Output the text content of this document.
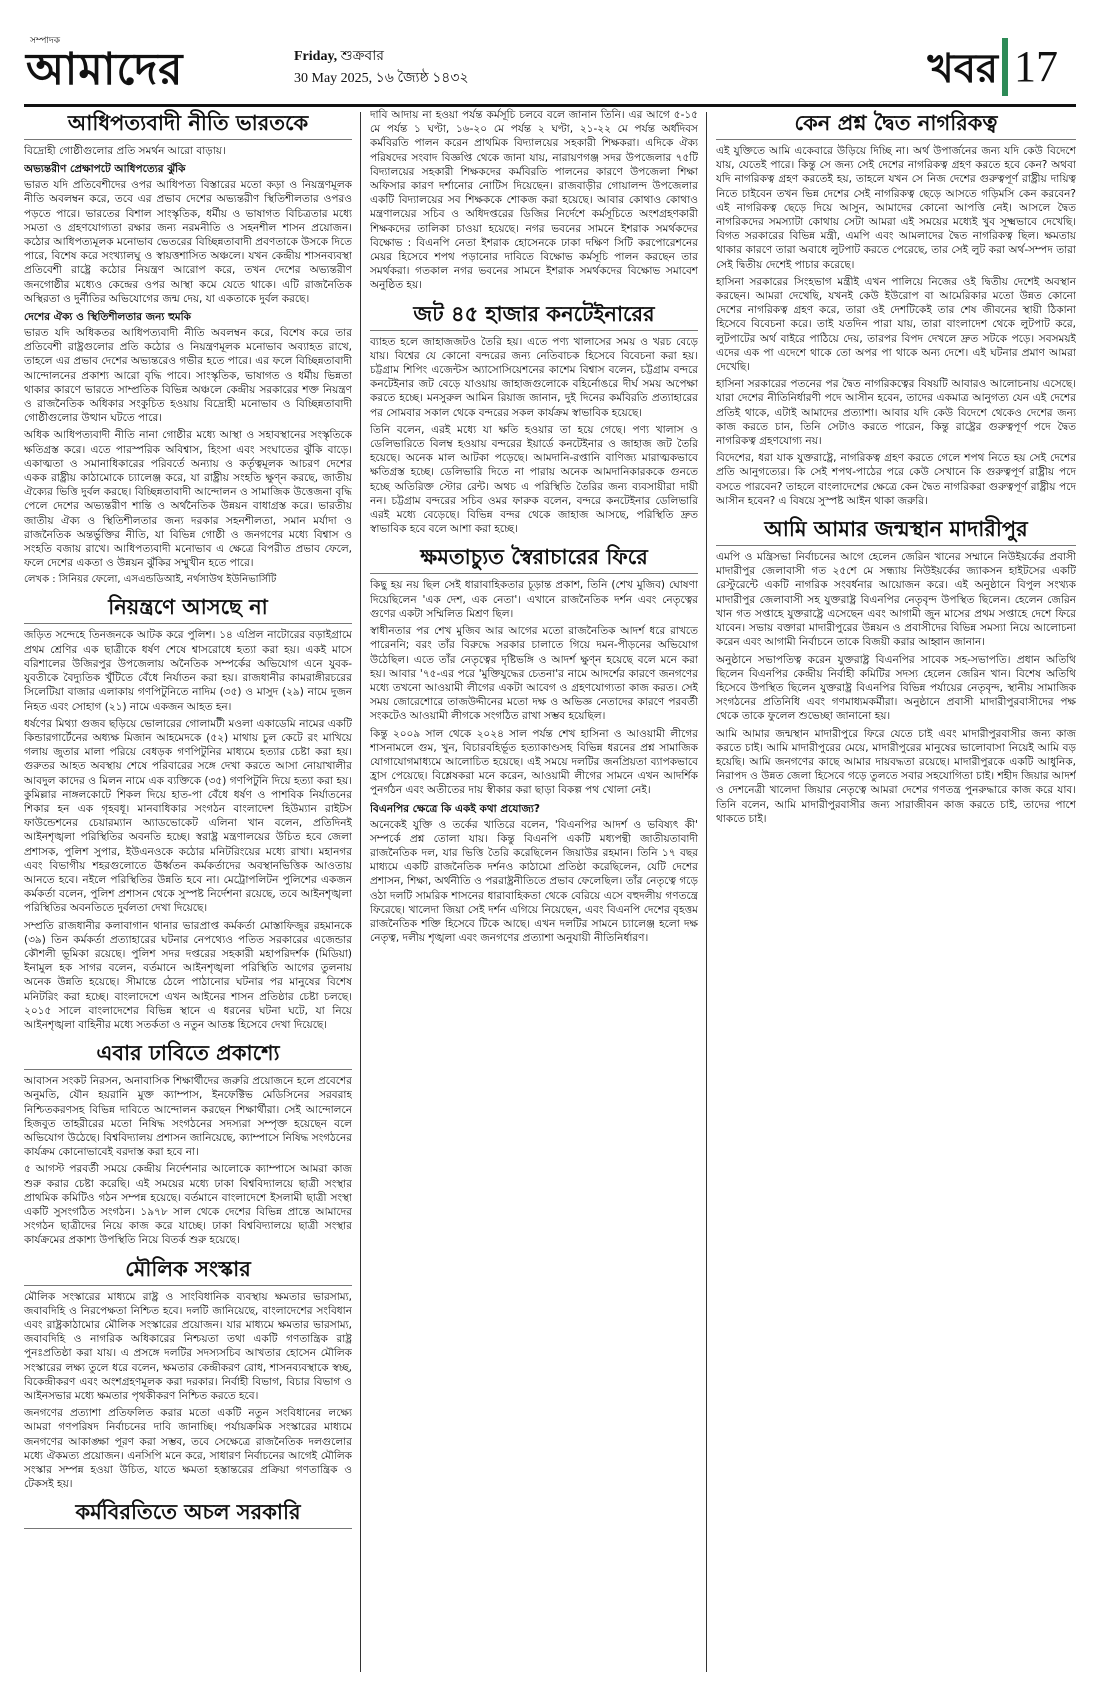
সম্পাদক
আমাদের	Friday, শুক্রবার
30 May 2025, ১৬ জ্যৈষ্ঠ ১৪৩২	খবর 17
আধিপত্যবাদী নীতি ভারতকে

বিদ্রোহী গোষ্ঠীগুলোর প্রতি সমর্থন আরো বাড়ায়।

অভ্যন্তরীণ প্রেক্ষাপটে আধিপত্যের ঝুঁকি

ভারত যদি প্রতিবেশীদের ওপর আধিপত্য বিস্তারের মতো কড়া ও নিয়ন্ত্রণমূলক নীতি অবলম্বন করে, তবে এর প্রভাব দেশের অভ্যন্তরীণ স্থিতিশীলতার ওপরও পড়তে পারে। ভারতের বিশাল সাংস্কৃতিক, ধর্মীয় ও ভাষাগত বিচিত্রতার মধ্যে সমতা ও গ্রহণযোগ্যতা রক্ষার জন্য নরমনীতি ও সহনশীল শাসন প্রয়োজন। কঠোর আধিপত্যমূলক মনোভাব ভেতরের বিচ্ছিন্নতাবাদী প্রবণতাকে উসকে দিতে পারে, বিশেষ করে সংখ্যালঘু ও স্বায়ত্তশাসিত অঞ্চলে। যখন কেন্দ্রীয় শাসনব্যবস্থা প্রতিবেশী রাষ্ট্রে কঠোর নিয়ন্ত্রণ আরোপ করে, তখন দেশের অভ্যন্তরীণ জনগোষ্ঠীর মধ্যেও কেন্দ্রের ওপর আস্থা কমে যেতে থাকে। এটি রাজনৈতিক অস্থিরতা ও দুর্নীতির অভিযোগের জন্ম দেয়, যা একতাকে দুর্বল করছে।

দেশের ঐক্য ও স্থিতিশীলতার জন্য হুমকি

ভারত যদি অধিকতর আধিপত্যবাদী নীতি অবলম্বন করে, বিশেষ করে তার প্রতিবেশী রাষ্ট্রগুলোর প্রতি কঠোর ও নিয়ন্ত্রণমূলক মনোভাব অব্যাহত রাখে, তাহলে এর প্রভাব দেশের অভ্যন্তরেও গভীর হতে পারে। এর ফলে বিচ্ছিন্নতাবাদী আন্দোলনের প্রকাশ্য আরো বৃদ্ধি পাবে। সাংস্কৃতিক, ভাষাগত ও ধর্মীয় ভিন্নতা থাকার কারণে ভারতে সাম্প্রতিক বিভিন্ন অঞ্চলে কেন্দ্রীয় সরকারের শক্ত নিয়ন্ত্রণ ও রাজনৈতিক অধিকার সংকুচিত হওয়ায় বিদ্রোহী মনোভাব ও বিচ্ছিন্নতাবাদী গোষ্ঠীগুলোর উত্থান ঘটতে পারে।

অধিক আধিপত্যবাদী নীতি নানা গোষ্ঠীর মধ্যে আস্থা ও সহাবস্থানের সংস্কৃতিকে ক্ষতিগ্রস্ত করে। এতে পারস্পরিক অবিশ্বাস, হিংসা এবং সংঘাতের ঝুঁকি বাড়ে। একাত্মতা ও সমানাধিকারের পরিবর্তে অন্যায় ও কর্তৃত্বমূলক আচরণ দেশের একক রাষ্ট্রীয় কাঠামোকে চ্যালেঞ্জ করে, যা রাষ্ট্রীয় সংহতি ক্ষুণ্ন করছে, জাতীয় ঐক্যের ভিত্তি দুর্বল করছে। বিচ্ছিন্নতাবাদী আন্দোলন ও সামাজিক উত্তেজনা বৃদ্ধি পেলে দেশের অভ্যন্তরীণ শান্তি ও অর্থনৈতিক উন্নয়ন বাধাগ্রস্ত করে। ভারতীয় জাতীয় ঐক্য ও স্থিতিশীলতার জন্য দরকার সহনশীলতা, সমান মর্যাদা ও রাজনৈতিক অন্তর্ভুক্তির নীতি, যা বিভিন্ন গোষ্ঠী ও জনগণের মধ্যে বিশ্বাস ও সংহতি বজায় রাখে। আধিপত্যবাদী মনোভাব এ ক্ষেত্রে বিপরীত প্রভাব ফেলে, ফলে দেশের একতা ও উন্নয়ন ঝুঁকির সম্মুখীন হতে পারে।

লেখক : সিনিয়র ফেলো, এসএন্ডডিআই, নর্থসাউথ ইউনিভার্সিটি
নিয়ন্ত্রণে আসছে না

জড়িত সন্দেহে তিনজনকে আটক করে পুলিশ। ১৪ এপ্রিল নাটোরের বড়াইগ্রামে প্রথম শ্রেণির এক ছাত্রীকে ধর্ষণ শেষে শ্বাসরোধে হত্যা করা হয়। একই মাসে বরিশালের উজিরপুর উপজেলায় অনৈতিক সম্পর্কের অভিযোগ এনে যুবক-যুবতীকে বৈদ্যুতিক খুঁটিতে বেঁধে নির্যাতন করা হয়। রাজধানীর কামরাঙ্গীরচরের সিলেটিয়া বাজার এলাকায় গণপিটুনিতে নাদিম (৩৫) ও মাসুদ (২৯) নামে দুজন নিহত এবং সোহাগ (২১) নামে একজন আহত হন।

ধর্ষণের মিথ্যা গুজব ছড়িয়ে ভোলারের গোলামটী মওলা একাডেমি নামের একটি কিন্ডারগার্টেনের অধ্যক্ষ মিজান আহমেদকে (৫২) মাথায় চুল কেটে রং মাখিয়ে গলায় জুতার মালা পরিয়ে বেধড়ক গণপিটুনির মাধ্যমে হত্যার চেষ্টা করা হয়। গুরুতর আহত অবস্থায় শেষে পরিবারের সঙ্গে দেখা করতে আসা নোয়াখালীর আবদুল কাদের ও মিলন নামে এক ব্যক্তিকে (৩৫) গণপিটুনি দিয়ে হত্যা করা হয়। কুমিল্লার নাঙ্গলকোটে শিকল দিয়ে হাত-পা বেঁধে ধর্ষণ ও পাশবিক নির্যাতনের শিকার হন এক গৃহবধূ। মানবাধিকার সংগঠন বাংলাদেশ হিউম্যান রাইটস ফাউন্ডেশনের চেয়ারম্যান অ্যাডভোকেট এলিনা খান বলেন, প্রতিদিনই আইনশৃঙ্খলা পরিস্থিতির অবনতি হচ্ছে। স্বরাষ্ট্র মন্ত্রণালয়ের উচিত হবে জেলা প্রশাসক, পুলিশ সুপার, ইউএনওকে কঠোর মনিটরিংয়ের মধ্যে রাখা। মহানগর এবং বিভাগীয় শহরগুলোতে ঊর্ধ্বতন কর্মকর্তাদের অবস্থানভিত্তিক আওতায় আনতে হবে। নইলে পরিস্থিতির উন্নতি হবে না। মেট্রোপলিটন পুলিশের একজন কর্মকর্তা বলেন, পুলিশ প্রশাসন থেকে সুস্পষ্ট নির্দেশনা রয়েছে, তবে আইনশৃঙ্খলা পরিস্থিতির অবনতিতে দুর্বলতা দেখা দিয়েছে।

সম্প্রতি রাজধানীর কলাবাগান থানার ভারপ্রাপ্ত কর্মকর্তা মোস্তাফিজুর রহমানকে (৩৯) তিন কর্মকর্তা প্রত্যাহারের ঘটনার নেপথ্যেও পতিত সরকারের এজেন্ডার কৌশলী ভূমিকা রয়েছে। পুলিশ সদর দপ্তরের সহকারী মহাপরিদর্শক (মিডিয়া) ইনামুল হক সাগর বলেন, বর্তমানে আইনশৃঙ্খলা পরিস্থিতি আগের তুলনায় অনেক উন্নতি হয়েছে। সীমান্তে ঠেলে পাঠানোর ঘটনার পর মানুষের বিশেষ মনিটরিং করা হচ্ছে। বাংলাদেশে এখন আইনের শাসন প্রতিষ্ঠার চেষ্টা চলছে। ২০১৫ সালে বাংলাদেশের বিভিন্ন স্থানে এ ধরনের ঘটনা ঘটে, যা নিয়ে আইনশৃঙ্খলা বাহিনীর মধ্যে সতর্কতা ও নতুন আতঙ্ক হিসেবে দেখা দিয়েছে।

এবার ঢাবিতে প্রকাশ্যে

আবাসন সংকট নিরসন, অনাবাসিক শিক্ষার্থীদের জরুরি প্রয়োজনে হলে প্রবেশের অনুমতি, যৌন হয়রানি মুক্ত ক্যাম্পাস, ইনফেক্টিভ মেডিসিনের সরবরাহ নিশ্চিতকরণসহ বিভিন্ন দাবিতে আন্দোলন করছেন শিক্ষার্থীরা। সেই আন্দোলনে হিজবুত তাহরীরের মতো নিষিদ্ধ সংগঠনের সদস্যরা সম্পৃক্ত হয়েছেন বলে অভিযোগ উঠেছে। বিশ্ববিদ্যালয় প্রশাসন জানিয়েছে, ক্যাম্পাসে নিষিদ্ধ সংগঠনের কার্যক্রম কোনোভাবেই বরদাস্ত করা হবে না।

৫ আগস্ট পরবর্তী সময়ে কেন্দ্রীয় নির্দেশনার আলোকে ক্যাম্পাসে আমরা কাজ শুরু করার চেষ্টা করেছি। এই সময়ের মধ্যে ঢাকা বিশ্ববিদ্যালয়ে ছাত্রী সংস্থার প্রাথমিক কমিটিও গঠন সম্পন্ন হয়েছে। বর্তমানে বাংলাদেশে ইসলামী ছাত্রী সংস্থা একটি সুসংগঠিত সংগঠন। ১৯৭৮ সাল থেকে দেশের বিভিন্ন প্রান্তে আমাদের সংগঠন ছাত্রীদের নিয়ে কাজ করে যাচ্ছে। ঢাকা বিশ্ববিদ্যালয়ে ছাত্রী সংস্থার কার্যক্রমের প্রকাশ্য উপস্থিতি নিয়ে বিতর্ক শুরু হয়েছে।

মৌলিক সংস্কার

মৌলিক সংস্কারের মাধ্যমে রাষ্ট্র ও সাংবিধানিক ব্যবস্থায় ক্ষমতার ভারসাম্য, জবাবদিহি ও নিরপেক্ষতা নিশ্চিত হবে। দলটি জানিয়েছে, বাংলাদেশের সংবিধান এবং রাষ্ট্রকাঠামোর মৌলিক সংস্কারের প্রয়োজন। যার মাধ্যমে ক্ষমতার ভারসাম্য, জবাবদিহি ও নাগরিক অধিকারের নিশ্চয়তা তথা একটি গণতান্ত্রিক রাষ্ট্র পুনঃপ্রতিষ্ঠা করা যায়। এ প্রসঙ্গে দলটির সদস্যসচিব আখতার হোসেন মৌলিক সংস্কারের লক্ষ্য তুলে ধরে বলেন, ক্ষমতার কেন্দ্রীকরণ রোধ, শাসনব্যবস্থাকে স্বচ্ছ, বিকেন্দ্রীকরণ এবং অংশগ্রহণমূলক করা দরকার। নির্বাহী বিভাগ, বিচার বিভাগ ও আইনসভার মধ্যে ক্ষমতার পৃথকীকরণ নিশ্চিত করতে হবে।

জনগণের প্রত্যাশা প্রতিফলিত করার মতো একটি নতুন সংবিধানের লক্ষ্যে আমরা গণপরিষদ নির্বাচনের দাবি জানাচ্ছি। পর্যায়ক্রমিক সংস্কারের মাধ্যমে জনগণের আকাঙ্ক্ষা পূরণ করা সম্ভব, তবে সেক্ষেত্রে রাজনৈতিক দলগুলোর মধ্যে ঐকমত্য প্রয়োজন। এনসিপি মনে করে, সাধারণ নির্বাচনের আগেই মৌলিক সংস্কার সম্পন্ন হওয়া উচিত, যাতে ক্ষমতা হস্তান্তরের প্রক্রিয়া গণতান্ত্রিক ও টেকসই হয়।

কর্মবিরতিতে অচল সরকারি

দাবি আদায় না হওয়া পর্যন্ত কর্মসূচি চলবে বলে জানান তিনি। এর আগে ৫-১৫ মে পর্যন্ত ১ ঘণ্টা, ১৬-২০ মে পর্যন্ত ২ ঘণ্টা, ২১-২২ মে পর্যন্ত অর্ধদিবস কর্মবিরতি পালন করেন প্রাথমিক বিদ্যালয়ের সহকারী শিক্ষকরা। এদিকে ঐক্য পরিষদের সংবাদ বিজ্ঞপ্তি থেকে জানা যায়, নারায়ণগঞ্জ সদর উপজেলার ৭৫টি বিদ্যালয়ের সহকারী শিক্ষকদের কর্মবিরতি পালনের কারণে উপজেলা শিক্ষা অফিসার কারণ দর্শানোর নোটিস দিয়েছেন। রাজবাড়ীর গোয়ালন্দ উপজেলার একটি বিদ্যালয়ের সব শিক্ষককে শোকজ করা হয়েছে। আবার কোথাও কোথাও মন্ত্রণালয়ের সচিব ও অধিদপ্তরের ডিজির নির্দেশে কর্মসূচিতে অংশগ্রহণকারী শিক্ষকদের তালিকা চাওয়া হয়েছে। নগর ভবনের সামনে ইশরাক সমর্থকদের বিক্ষোভ : বিএনপি নেতা ইশরাক হোসেনকে ঢাকা দক্ষিণ সিটি করপোরেশনের মেয়র হিসেবে শপথ পড়ানোর দাবিতে বিক্ষোভ কর্মসূচি পালন করছেন তার সমর্থকরা। গতকাল নগর ভবনের সামনে ইশরাক সমর্থকদের বিক্ষোভ সমাবেশ অনুষ্ঠিত হয়।

জট ৪৫ হাজার কনটেইনারের

ব্যাহত হলে জাহাজজটও তৈরি হয়। এতে পণ্য খালাসের সময় ও খরচ বেড়ে যায়। বিশ্বের যে কোনো বন্দরের জন্য নেতিবাচক হিসেবে বিবেচনা করা হয়। চট্টগ্রাম শিপিং এজেন্টস অ্যাসোসিয়েশনের কাশেম বিশ্বাস বলেন, চট্টগ্রাম বন্দরে কনটেইনার জট বেড়ে যাওয়ায় জাহাজগুলোকে বহির্নোঙরে দীর্ঘ সময় অপেক্ষা করতে হচ্ছে। মনসুরুল আমিন রিয়াজ জানান, দুই দিনের কর্মবিরতি প্রত্যাহারের পর সোমবার সকাল থেকে বন্দরের সকল কার্যক্রম স্বাভাবিক হয়েছে।

তিনি বলেন, এরই মধ্যে যা ক্ষতি হওয়ার তা হয়ে গেছে। পণ্য খালাস ও ডেলিভারিতে বিলম্ব হওয়ায় বন্দরের ইয়ার্ডে কনটেইনার ও জাহাজ জট তৈরি হয়েছে। অনেক মাল আটকা পড়েছে। আমদানি-রপ্তানি বাণিজ্য মারাত্মকভাবে ক্ষতিগ্রস্ত হচ্ছে। ডেলিভারি দিতে না পারায় অনেক আমদানিকারককে গুনতে হচ্ছে অতিরিক্ত স্টোর রেন্ট। অথচ এ পরিস্থিতি তৈরির জন্য ব্যবসায়ীরা দায়ী নন। চট্টগ্রাম বন্দরের সচিব ওমর ফারুক বলেন, বন্দরে কনটেইনার ডেলিভারি এরই মধ্যে বেড়েছে। বিভিন্ন বন্দর থেকে জাহাজ আসছে, পরিস্থিতি দ্রুত স্বাভাবিক হবে বলে আশা করা হচ্ছে।

ক্ষমতাচ্যুত স্বৈরাচারের ফিরে

কিছু হয় নয় ছিল সেই ধারাবাহিকতার চূড়ান্ত প্রকাশ, তিনি (শেখ মুজিব) ঘোষণা দিয়েছিলেন 'এক দেশ, এক নেতা'। এখানে রাজনৈতিক দর্শন এবং নেতৃত্বের গুণের একটা সম্মিলিত মিশ্রণ ছিল।

স্বাধীনতার পর শেখ মুজিব আর আগের মতো রাজনৈতিক আদর্শ ধরে রাখতে পারেননি; বরং তাঁর বিরুদ্ধে সরকার চালাতে গিয়ে দমন-পীড়নের অভিযোগ উঠেছিল। এতে তাঁর নেতৃত্বের দৃষ্টিভঙ্গি ও আদর্শ ক্ষুণ্ন হয়েছে বলে মনে করা হয়। আবার '৭৫-এর পরে 'মুক্তিযুদ্ধের চেতনা'র নামে আদর্শের কারণে জনগণের মধ্যে তখনো আওয়ামী লীগের একটা আবেগ ও গ্রহণযোগ্যতা কাজ করত। সেই সময় জোরেশোরে তাজউদ্দীনের মতো দক্ষ ও অভিজ্ঞ নেতাদের কারণে পরবর্তী সংকটেও আওয়ামী লীগকে সংগঠিত রাখা সম্ভব হয়েছিল।

কিন্তু ২০০৯ সাল থেকে ২০২৪ সাল পর্যন্ত শেখ হাসিনা ও আওয়ামী লীগের শাসনামলে গুম, খুন, বিচারবহির্ভূত হত্যাকাণ্ডসহ বিভিন্ন ধরনের প্রশ্ন সামাজিক যোগাযোগমাধ্যমে আলোচিত হয়েছে। এই সময়ে দলটির জনপ্রিয়তা ব্যাপকভাবে হ্রাস পেয়েছে। বিশ্লেষকরা মনে করেন, আওয়ামী লীগের সামনে এখন আদর্শিক পুনর্গঠন এবং অতীতের দায় স্বীকার করা ছাড়া বিকল্প পথ খোলা নেই।

বিএনপির ক্ষেত্রে কি একই কথা প্রযোজ্য?

অনেকেই যুক্তি ও তর্কের খাতিরে বলেন, 'বিএনপির আদর্শ ও ভবিষ্যৎ কী' সম্পর্কে প্রশ্ন তোলা যায়। কিন্তু বিএনপি একটি মধ্যপন্থী জাতীয়তাবাদী রাজনৈতিক দল, যার ভিত্তি তৈরি করেছিলেন জিয়াউর রহমান। তিনি ১৭ বছর মাধ্যমে একটি রাজনৈতিক দর্শনও কাঠামো প্রতিষ্ঠা করেছিলেন, যেটি দেশের প্রশাসন, শিক্ষা, অর্থনীতি ও পররাষ্ট্রনীতিতে প্রভাব ফেলেছিল। তাঁর নেতৃত্বে গড়ে ওঠা দলটি সামরিক শাসনের ধারাবাহিকতা থেকে বেরিয়ে এসে বহুদলীয় গণতন্ত্রে ফিরেছে। খালেদা জিয়া সেই দর্শন এগিয়ে নিয়েছেন, এবং বিএনপি দেশের বৃহত্তম রাজনৈতিক শক্তি হিসেবে টিকে আছে। এখন দলটির সামনে চ্যালেঞ্জ হলো দক্ষ নেতৃত্ব, দলীয় শৃঙ্খলা এবং জনগণের প্রত্যাশা অনুযায়ী নীতিনির্ধারণ।

কেন প্রশ্ন দ্বৈত নাগরিকত্ব

এই যুক্তিতে আমি একেবারে উড়িয়ে দিচ্ছি না। অর্থ উপার্জনের জন্য যদি কেউ বিদেশে যায়, যেতেই পারে। কিন্তু সে জন্য সেই দেশের নাগরিকত্ব গ্রহণ করতে হবে কেন? অথবা যদি নাগরিকত্ব গ্রহণ করতেই হয়, তাহলে যখন সে নিজ দেশের গুরুত্বপূর্ণ রাষ্ট্রীয় দায়িত্ব নিতে চাইবেন তখন ভিন্ন দেশের সেই নাগরিকত্ব ছেড়ে আসতে গড়িমসি কেন করবেন? এই নাগরিকত্ব ছেড়ে দিয়ে আসুন, আমাদের কোনো আপত্তি নেই। আসলে দ্বৈত নাগরিকদের সমস্যাটা কোথায় সেটা আমরা এই সময়ের মধ্যেই খুব সূক্ষ্মভাবে দেখেছি। বিগত সরকারের বিভিন্ন মন্ত্রী, এমপি এবং আমলাদের দ্বৈত নাগরিকত্ব ছিল। ক্ষমতায় থাকার কারণে তারা অবাধে লুটপাট করতে পেরেছে, তার সেই লুট করা অর্থ-সম্পদ তারা সেই দ্বিতীয় দেশেই পাচার করেছে।

হাসিনা সরকারের সিংহভাগ মন্ত্রীই এখন পালিয়ে নিজের ওই দ্বিতীয় দেশেই অবস্থান করছেন। আমরা দেখেছি, যখনই কেউ ইউরোপ বা আমেরিকার মতো উন্নত কোনো দেশের নাগরিকত্ব গ্রহণ করে, তারা ওই দেশটিকেই তার শেষ জীবনের স্থায়ী ঠিকানা হিসেবে বিবেচনা করে। তাই যতদিন পারা যায়, তারা বাংলাদেশ থেকে লুটপাট করে, লুটপাটের অর্থ বাইরে পাঠিয়ে দেয়, তারপর বিপদ দেখলে দ্রুত সটকে পড়ে। সবসময়ই এদের এক পা এদেশে থাকে তো অপর পা থাকে অন্য দেশে। এই ঘটনার প্রমাণ আমরা দেখেছি।

হাসিনা সরকারের পতনের পর দ্বৈত নাগরিকত্বের বিষয়টি আবারও আলোচনায় এসেছে। যারা দেশের নীতিনির্ধারণী পদে আসীন হবেন, তাদের একমাত্র আনুগত্য যেন এই দেশের প্রতিই থাকে, এটাই আমাদের প্রত্যাশা। আবার যদি কেউ বিদেশে থেকেও দেশের জন্য কাজ করতে চান, তিনি সেটাও করতে পারেন, কিন্তু রাষ্ট্রের গুরুত্বপূর্ণ পদে দ্বৈত নাগরিকত্ব গ্রহণযোগ্য নয়।

বিদেশের, ধরা যাক যুক্তরাষ্ট্রে, নাগরিকত্ব গ্রহণ করতে গেলে শপথ নিতে হয় সেই দেশের প্রতি আনুগত্যের। কি সেই শপথ-পাঠের পরে কেউ সেখানে কি গুরুত্বপূর্ণ রাষ্ট্রীয় পদে বসতে পারবেন? তাহলে বাংলাদেশের ক্ষেত্রে কেন দ্বৈত নাগরিকরা গুরুত্বপূর্ণ রাষ্ট্রীয় পদে আসীন হবেন? এ বিষয়ে সুস্পষ্ট আইন থাকা জরুরি।

আমি আমার জন্মস্থান মাদারীপুর

এমপি ও মন্ত্রিসভা নির্বাচনের আগে হেলেন জেরিন খানের সম্মানে নিউইয়র্কের প্রবাসী মাদারীপুর জেলাবাসী গত ২৫শে মে সন্ধ্যায় নিউইয়র্কের জ্যাকসন হাইটসের একটি রেস্টুরেন্টে একটি নাগরিক সংবর্ধনার আয়োজন করে। এই অনুষ্ঠানে বিপুল সংখ্যক মাদারীপুর জেলাবাসী সহ যুক্তরাষ্ট্র বিএনপির নেতৃবৃন্দ উপস্থিত ছিলেন। হেলেন জেরিন খান গত সপ্তাহে যুক্তরাষ্ট্রে এসেছেন এবং আগামী জুন মাসের প্রথম সপ্তাহে দেশে ফিরে যাবেন। সভায় বক্তারা মাদারীপুরের উন্নয়ন ও প্রবাসীদের বিভিন্ন সমস্যা নিয়ে আলোচনা করেন এবং আগামী নির্বাচনে তাকে বিজয়ী করার আহ্বান জানান।

অনুষ্ঠানে সভাপতিত্ব করেন যুক্তরাষ্ট্র বিএনপির সাবেক সহ-সভাপতি। প্রধান অতিথি ছিলেন বিএনপির কেন্দ্রীয় নির্বাহী কমিটির সদস্য হেলেন জেরিন খান। বিশেষ অতিথি হিসেবে উপস্থিত ছিলেন যুক্তরাষ্ট্র বিএনপির বিভিন্ন পর্যায়ের নেতৃবৃন্দ, স্থানীয় সামাজিক সংগঠনের প্রতিনিধি এবং গণমাধ্যমকর্মীরা। অনুষ্ঠানে প্রবাসী মাদারীপুরবাসীদের পক্ষ থেকে তাকে ফুলেল শুভেচ্ছা জানানো হয়।

আমি আমার জন্মস্থান মাদারীপুরে ফিরে যেতে চাই এবং মাদারীপুরবাসীর জন্য কাজ করতে চাই। আমি মাদারীপুরের মেয়ে, মাদারীপুরের মানুষের ভালোবাসা নিয়েই আমি বড় হয়েছি। আমি জনগণের কাছে আমার দায়বদ্ধতা রয়েছে। মাদারীপুরকে একটি আধুনিক, নিরাপদ ও উন্নত জেলা হিসেবে গড়ে তুলতে সবার সহযোগিতা চাই। শহীদ জিয়ার আদর্শ ও দেশনেত্রী খালেদা জিয়ার নেতৃত্বে আমরা দেশের গণতন্ত্র পুনরুদ্ধারে কাজ করে যাব। তিনি বলেন, আমি মাদারীপুরবাসীর জন্য সারাজীবন কাজ করতে চাই, তাদের পাশে থাকতে চাই।
